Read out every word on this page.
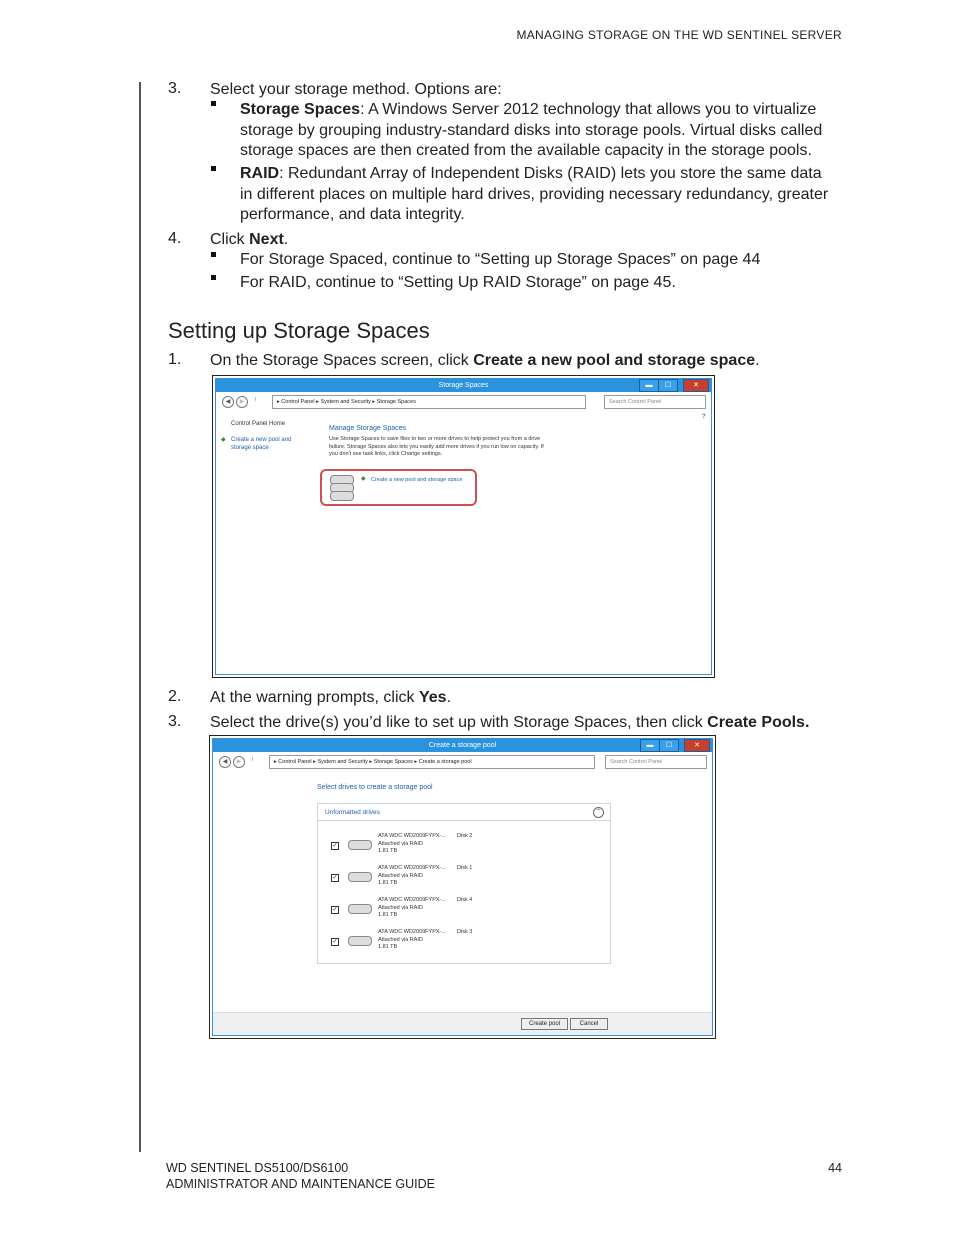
MANAGING STORAGE ON THE WD SENTINEL SERVER
3. Select your storage method. Options are:
Storage Spaces: A Windows Server 2012 technology that allows you to virtualize
storage by grouping industry-standard disks into storage pools. Virtual disks called
storage spaces are then created from the available capacity in the storage pools.
RAID: Redundant Array of Independent Disks (RAID) lets you store the same data
in different places on multiple hard drives, providing necessary redundancy, greater
performance, and data integrity.
4. Click Next.
For Storage Spaced, continue to “Setting up Storage Spaces” on page 44
For RAID, continue to “Setting Up RAID Storage” on page 45.
Setting up Storage Spaces
1. On the Storage Spaces screen, click Create a new pool and storage space.
Storage Spaces	▬	☐	✕
◀	▶	↑	▸ Control Panel ▸ System and Security ▸ Storage Spaces	Search Control Panel
?
Control Panel Home
◆ Create a new pool and storage space
Manage Storage Spaces
Use Storage Spaces to save files to two or more drives to help protect you from a drive failure. Storage Spaces also lets you easily add more drives if you run low on capacity. If you don't see task links, click Change settings.
◆ Create a new pool and storage space
2. At the warning prompts, click Yes.
3. Select the drive(s) you’d like to set up with Storage Spaces, then click Create Pools.
Create a storage pool	▬	☐	✕
◀	▶	↑	▸ Control Panel ▸ System and Security ▸ Storage Spaces ▸ Create a storage pool	Search Control Panel
Select drives to create a storage pool
Unformatted drives	⌃
✓
ATA WDC WD2009FYPX-...
Attached via RAID
1.81 TB
Disk 2
✓
ATA WDC WD2009FYPX-...
Attached via RAID
1.81 TB
Disk 1
✓
ATA WDC WD2009FYPX-...
Attached via RAID
1.81 TB
Disk 4
✓
ATA WDC WD2009FYPX-...
Attached via RAID
1.81 TB
Disk 3
Create pool	Cancel
WD SENTINEL DS5100/DS6100
ADMINISTRATOR AND MAINTENANCE GUIDE
44
